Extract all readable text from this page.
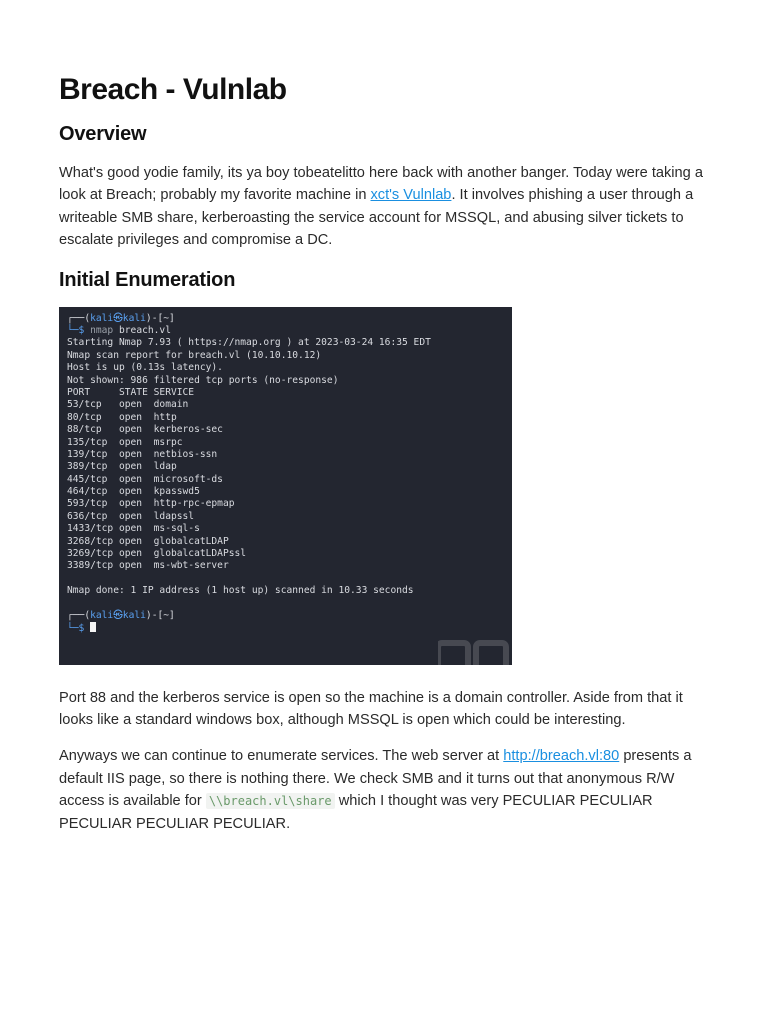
Breach - Vulnlab
Overview

What's good yodie family, its ya boy tobeatelitto here back with another banger. Today were taking a look at Breach; probably my favorite machine in xct's Vulnlab. It involves phishing a user through a writeable SMB share, kerberoasting the service account for MSSQL, and abusing silver tickets to escalate privileges and compromise a DC.

Initial Enumeration
┌──(kali㉿kali)-[~]
└─$ nmap breach.vl
Starting Nmap 7.93 ( https://nmap.org ) at 2023-03-24 16:35 EDT
Nmap scan report for breach.vl (10.10.10.12)
Host is up (0.13s latency).
Not shown: 986 filtered tcp ports (no-response)
PORT     STATE SERVICE
53/tcp   open  domain
80/tcp   open  http
88/tcp   open  kerberos-sec
135/tcp  open  msrpc
139/tcp  open  netbios-ssn
389/tcp  open  ldap
445/tcp  open  microsoft-ds
464/tcp  open  kpasswd5
593/tcp  open  http-rpc-epmap
636/tcp  open  ldapssl
1433/tcp open  ms-sql-s
3268/tcp open  globalcatLDAP
3269/tcp open  globalcatLDAPssl
3389/tcp open  ms-wbt-server
Nmap done: 1 IP address (1 host up) scanned in 10.33 seconds
┌──(kali㉿kali)-[~]
└─$

Port 88 and the kerberos service is open so the machine is a domain controller. Aside from that it looks like a standard windows box, although MSSQL is open which could be interesting.

Anyways we can continue to enumerate services. The web server at http://breach.vl:80 presents a default IIS page, so there is nothing there. We check SMB and it turns out that anonymous R/W access is available for \\breach.vl\share which I thought was very PECULIAR PECULIAR PECULIAR PECULIAR PECULIAR.
